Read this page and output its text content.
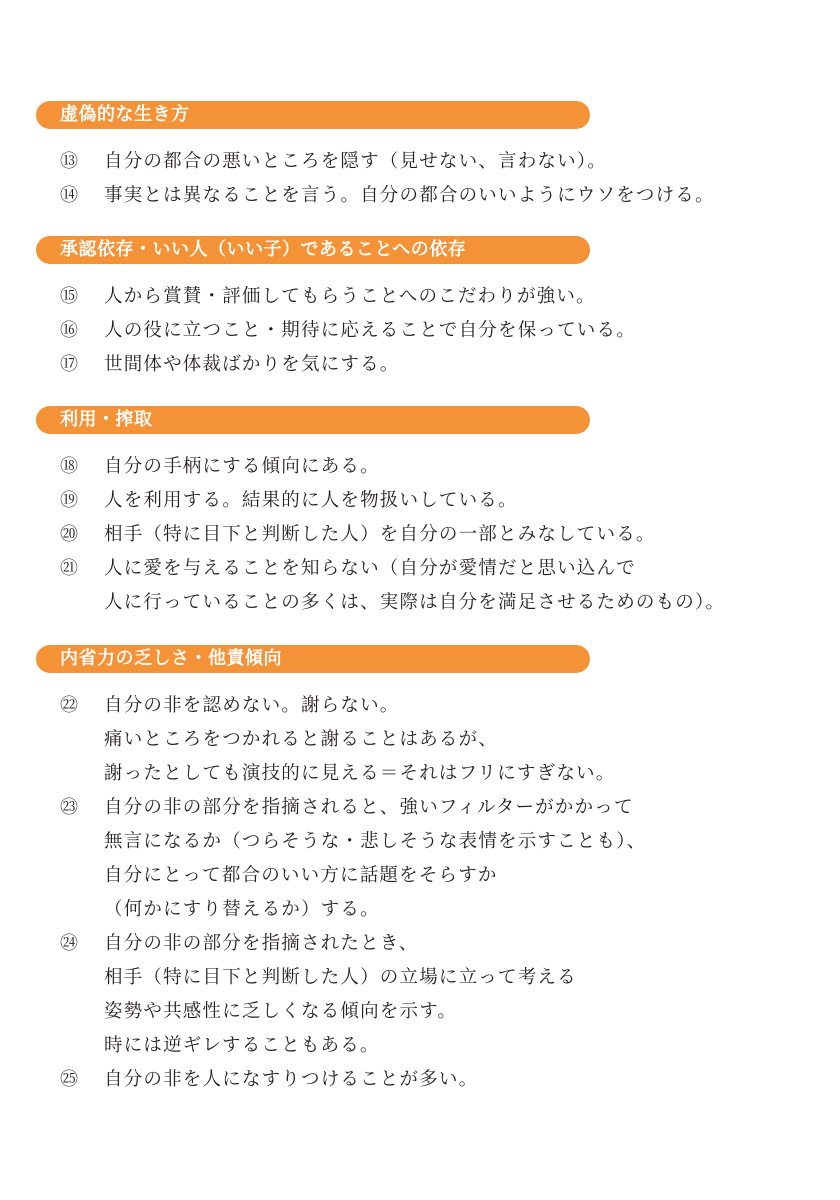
虚偽的な生き方
⑬ 自分の都合の悪いところを隠す（見せない、言わない）。
⑭ 事実とは異なることを言う。自分の都合のいいようにウソをつける。
承認依存・いい人（いい子）であることへの依存
⑮ 人から賞賛・評価してもらうことへのこだわりが強い。
⑯ 人の役に立つこと・期待に応えることで自分を保っている。
⑰ 世間体や体裁ばかりを気にする。
利用・搾取
⑱ 自分の手柄にする傾向にある。
⑲ 人を利用する。結果的に人を物扱いしている。
⑳ 相手（特に目下と判断した人）を自分の一部とみなしている。
㉑ 人に愛を与えることを知らない（自分が愛情だと思い込んで
人に行っていることの多くは、実際は自分を満足させるためのもの）。
内省力の乏しさ・他責傾向
㉒ 自分の非を認めない。謝らない。
痛いところをつかれると謝ることはあるが、
謝ったとしても演技的に見える＝それはフリにすぎない。
㉓ 自分の非の部分を指摘されると、強いフィルターがかかって
無言になるか（つらそうな・悲しそうな表情を示すことも）、
自分にとって都合のいい方に話題をそらすか
（何かにすり替えるか）する。
㉔ 自分の非の部分を指摘されたとき、
相手（特に目下と判断した人）の立場に立って考える
姿勢や共感性に乏しくなる傾向を示す。
時には逆ギレすることもある。
㉕ 自分の非を人になすりつけることが多い。
